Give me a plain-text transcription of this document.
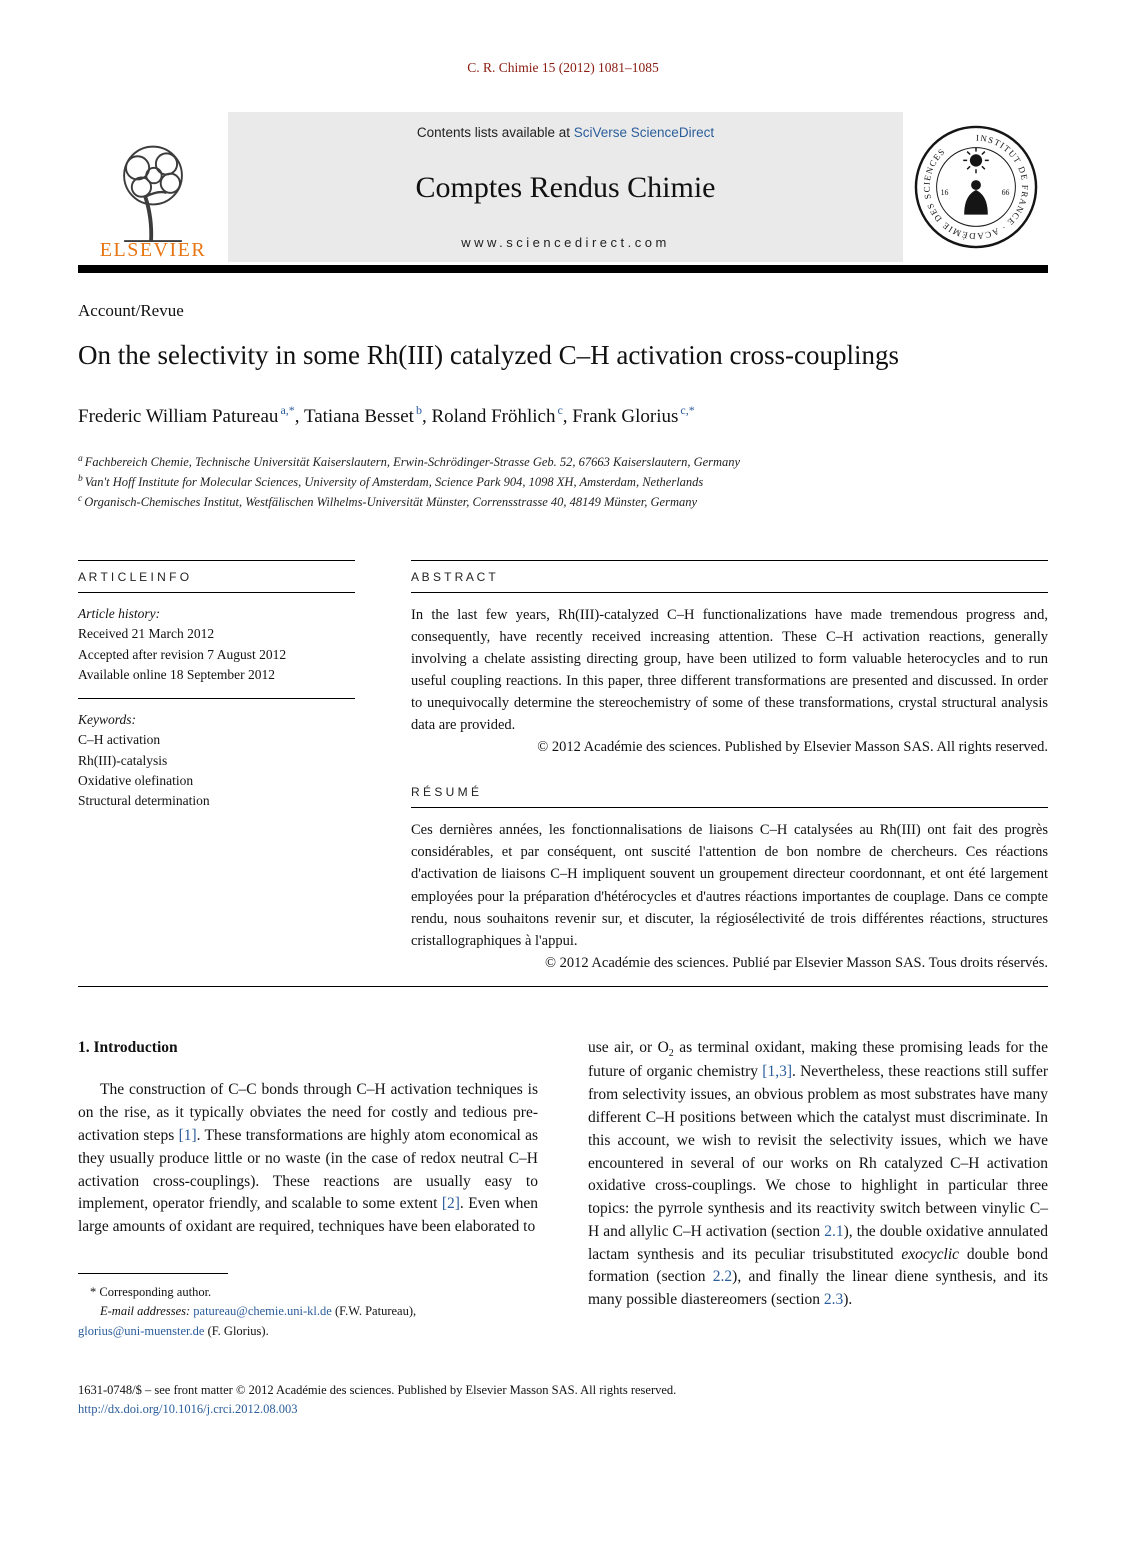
C. R. Chimie 15 (2012) 1081–1085
ELSEVIER
Contents lists available at SciVerse ScienceDirect
Comptes Rendus Chimie
www.sciencedirect.com
INSTITUT DE FRANCE · ACADÉMIE DES SCIENCES
16	66
Account/Revue
On the selectivity in some Rh(III) catalyzed C–H activation cross-couplings
Frederic William Patureau $^{a,*}$, Tatiana Besset $^b$, Roland Fröhlich $^c$, Frank Glorius $^{c,*}$
$^a$ Fachbereich Chemie, Technische Universität Kaiserslautern, Erwin-Schrödinger-Strasse Geb. 52, 67663 Kaiserslautern, Germany
$^b$ Van't Hoff Institute for Molecular Sciences, University of Amsterdam, Science Park 904, 1098 XH, Amsterdam, Netherlands
$^c$ Organisch-Chemisches Institut, Westfälischen Wilhelms-Universität Münster, Corrensstrasse 40, 48149 Münster, Germany
A R T I C L E I N F O
Article history:
Received 21 March 2012
Accepted after revision 7 August 2012
Available online 18 September 2012
Keywords:
C–H activation
Rh(III)-catalysis
Oxidative olefination
Structural determination
A B S T R A C T

In the last few years, Rh(III)-catalyzed C–H functionalizations have made tremendous progress and, consequently, have recently received increasing attention. These C–H activation reactions, generally involving a chelate assisting directing group, have been utilized to form valuable heterocycles and to run useful coupling reactions. In this paper, three different transformations are presented and discussed. In order to unequivocally determine the stereochemistry of some of these transformations, crystal structural analysis data are provided.

© 2012 Académie des sciences. Published by Elsevier Masson SAS. All rights reserved.
R É S U M É

Ces dernières années, les fonctionnalisations de liaisons C–H catalysées au Rh(III) ont fait des progrès considérables, et par conséquent, ont suscité l'attention de bon nombre de chercheurs. Ces réactions d'activation de liaisons C–H impliquent souvent un groupement directeur coordonnant, et ont été largement employées pour la préparation d'hétérocycles et d'autres réactions importantes de couplage. Dans ce compte rendu, nous souhaitons revenir sur, et discuter, la régiosélectivité de trois différentes réactions, structures cristallographiques à l'appui.

© 2012 Académie des sciences. Publié par Elsevier Masson SAS. Tous droits réservés.
1. Introduction

The construction of C–C bonds through C–H activation techniques is on the rise, as it typically obviates the need for costly and tedious pre-activation steps [1]. These transformations are highly atom economical as they usually produce little or no waste (in the case of redox neutral C–H activation cross-couplings). These reactions are usually easy to implement, operator friendly, and scalable to some extent [2]. Even when large amounts of oxidant are required, techniques have been elaborated to

* Corresponding author.
E-mail addresses: patureau@chemie.uni-kl.de (F.W. Patureau),
glorius@uni-muenster.de (F. Glorius).

use air, or $O_2$ as terminal oxidant, making these promising leads for the future of organic chemistry [1,3]. Nevertheless, these reactions still suffer from selectivity issues, an obvious problem as most substrates have many different C–H positions between which the catalyst must discriminate. In this account, we wish to revisit the selectivity issues, which we have encountered in several of our works on Rh catalyzed C–H activation oxidative cross-couplings. We chose to highlight in particular three topics: the pyrrole synthesis and its reactivity switch between vinylic C–H and allylic C–H activation (section 2.1), the double oxidative annulated lactam synthesis and its peculiar trisubstituted exocyclic double bond formation (section 2.2), and finally the linear diene synthesis, and its many possible diastereomers (section 2.3).

1631-0748/$ – see front matter © 2012 Académie des sciences. Published by Elsevier Masson SAS. All rights reserved.
http://dx.doi.org/10.1016/j.crci.2012.08.003
